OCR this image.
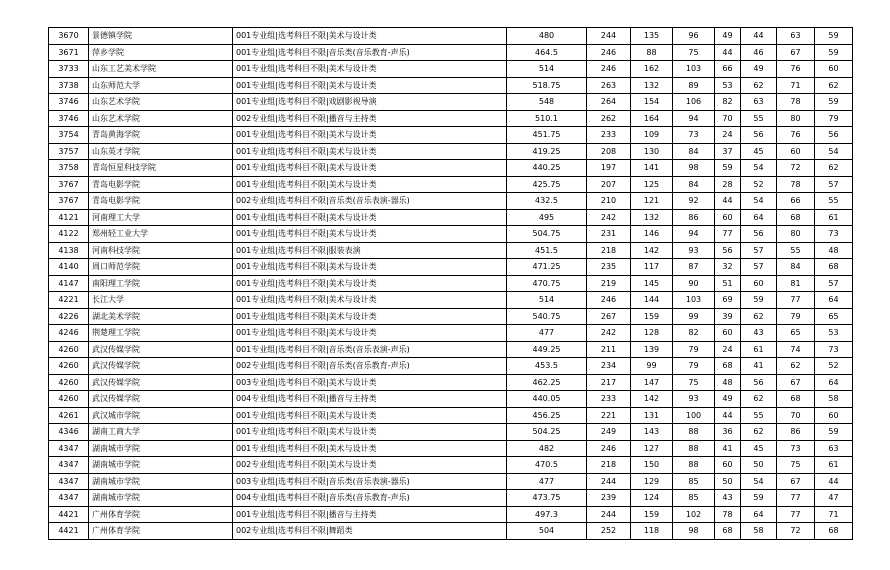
3670	景德镇学院	001专业组|选考科目不限|美术与设计类	480	244	135	96	49	44	63	59
3671	萍乡学院	001专业组|选考科目不限|音乐类(音乐教育-声乐)	464.5	246	88	75	44	46	67	59
3733	山东工艺美术学院	001专业组|选考科目不限|美术与设计类	514	246	162	103	66	49	76	60
3738	山东师范大学	001专业组|选考科目不限|美术与设计类	518.75	263	132	89	53	62	71	62
3746	山东艺术学院	001专业组|选考科目不限|戏剧影视导演	548	264	154	106	82	63	78	59
3746	山东艺术学院	002专业组|选考科目不限|播音与主持类	510.1	262	164	94	70	55	80	79
3754	青岛黄海学院	001专业组|选考科目不限|美术与设计类	451.75	233	109	73	24	56	76	56
3757	山东英才学院	001专业组|选考科目不限|美术与设计类	419.25	208	130	84	37	45	60	54
3758	青岛恒星科技学院	001专业组|选考科目不限|美术与设计类	440.25	197	141	98	59	54	72	62
3767	青岛电影学院	001专业组|选考科目不限|美术与设计类	425.75	207	125	84	28	52	78	57
3767	青岛电影学院	002专业组|选考科目不限|音乐类(音乐表演-器乐)	432.5	210	121	92	44	54	66	55
4121	河南理工大学	001专业组|选考科目不限|美术与设计类	495	242	132	86	60	64	68	61
4122	郑州轻工业大学	001专业组|选考科目不限|美术与设计类	504.75	231	146	94	77	56	80	73
4138	河南科技学院	001专业组|选考科目不限|服装表演	451.5	218	142	93	56	57	55	48
4140	周口师范学院	001专业组|选考科目不限|美术与设计类	471.25	235	117	87	32	57	84	68
4147	南阳理工学院	001专业组|选考科目不限|美术与设计类	470.75	219	145	90	51	60	81	57
4221	长江大学	001专业组|选考科目不限|美术与设计类	514	246	144	103	69	59	77	64
4226	湖北美术学院	001专业组|选考科目不限|美术与设计类	540.75	267	159	99	39	62	79	65
4246	荆楚理工学院	001专业组|选考科目不限|美术与设计类	477	242	128	82	60	43	65	53
4260	武汉传媒学院	001专业组|选考科目不限|音乐类(音乐表演-声乐)	449.25	211	139	79	24	61	74	73
4260	武汉传媒学院	002专业组|选考科目不限|音乐类(音乐教育-声乐)	453.5	234	99	79	68	41	62	52
4260	武汉传媒学院	003专业组|选考科目不限|美术与设计类	462.25	217	147	75	48	56	67	64
4260	武汉传媒学院	004专业组|选考科目不限|播音与主持类	440.05	233	142	93	49	62	68	58
4261	武汉城市学院	001专业组|选考科目不限|美术与设计类	456.25	221	131	100	44	55	70	60
4346	湖南工商大学	001专业组|选考科目不限|美术与设计类	504.25	249	143	88	36	62	86	59
4347	湖南城市学院	001专业组|选考科目不限|美术与设计类	482	246	127	88	41	45	73	63
4347	湖南城市学院	002专业组|选考科目不限|美术与设计类	470.5	218	150	88	60	50	75	61
4347	湖南城市学院	003专业组|选考科目不限|音乐类(音乐表演-器乐)	477	244	129	85	50	54	67	44
4347	湖南城市学院	004专业组|选考科目不限|音乐类(音乐教育-声乐)	473.75	239	124	85	43	59	77	47
4421	广州体育学院	001专业组|选考科目不限|播音与主持类	497.3	244	159	102	78	64	77	71
4421	广州体育学院	002专业组|选考科目不限|舞蹈类	504	252	118	98	68	58	72	68
